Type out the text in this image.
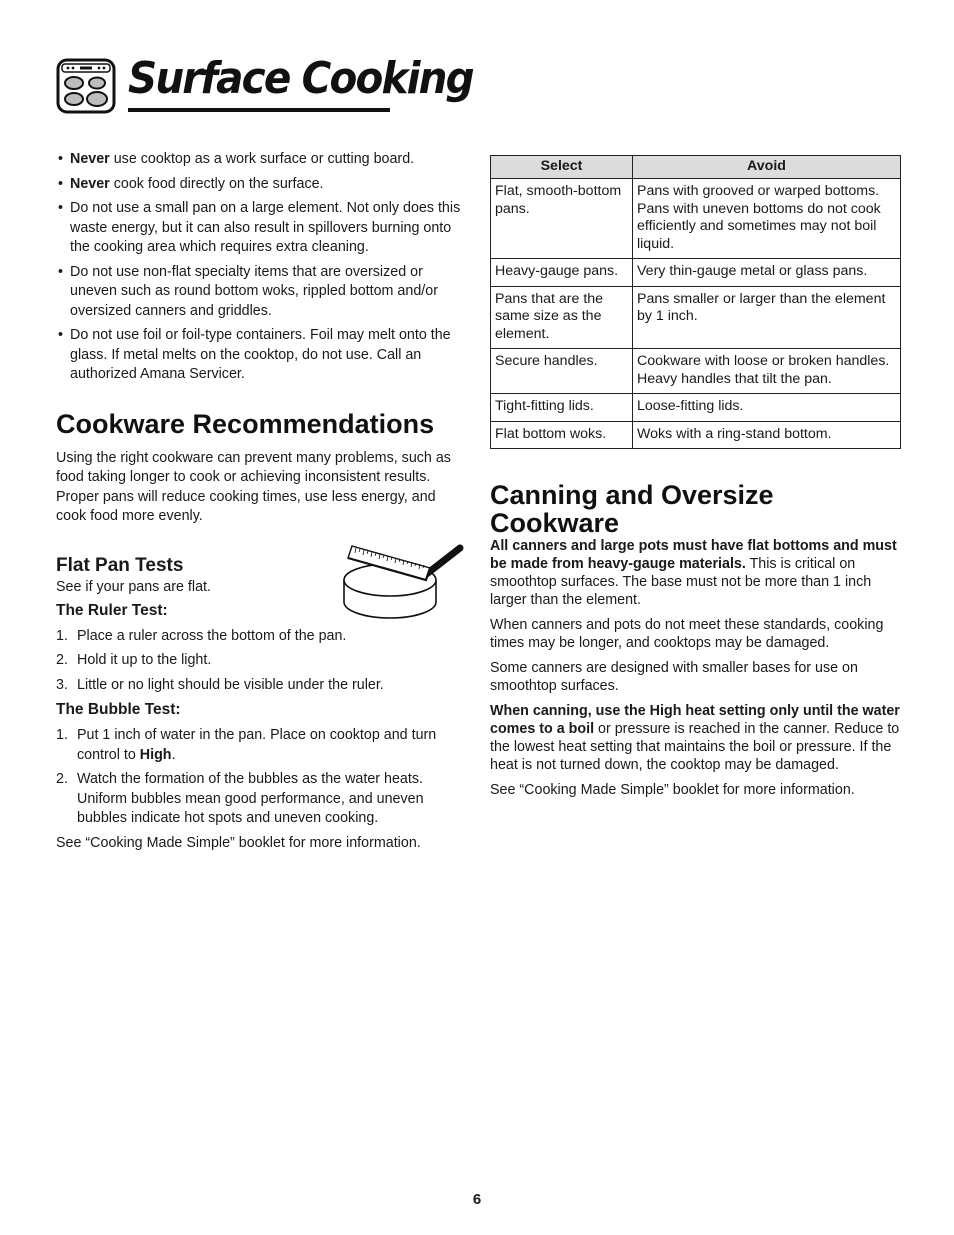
Surface Cooking
• Never use cooktop as a work surface or cutting board.
• Never cook food directly on the surface.
• Do not use a small pan on a large element. Not only does this waste energy, but it can also result in spillovers burning onto the cooking area which requires extra cleaning.
• Do not use non-flat specialty items that are oversized or uneven such as round bottom woks, rippled bottom and/or oversized canners and griddles.
• Do not use foil or foil-type containers. Foil may melt onto the glass. If metal melts on the cooktop, do not use. Call an authorized Amana Servicer.
Cookware Recommendations

Using the right cookware can prevent many problems, such as food taking longer to cook or achieving inconsistent results. Proper pans will reduce cooking times, use less energy, and cook food more evenly.

Flat Pan Tests

See if your pans are flat.

The Ruler Test:
1. Place a ruler across the bottom of the pan.
2. Hold it up to the light.
3. Little or no light should be visible under the ruler.
The Bubble Test:
1. Put 1 inch of water in the pan. Place on cooktop and turn control to High.
2. Watch the formation of the bubbles as the water heats. Uniform bubbles mean good performance, and uneven bubbles indicate hot spots and uneven cooking.

See “Cooking Made Simple” booklet for more information.

Select	Avoid
Flat, smooth-bottom pans.	Pans with grooved or warped bottoms. Pans with uneven bottoms do not cook efficiently and sometimes may not boil liquid.
Heavy-gauge pans.	Very thin-gauge metal or glass pans.
Pans that are the same size as the element.	Pans smaller or larger than the element by 1 inch.
Secure handles.	Cookware with loose or broken handles. Heavy handles that tilt the pan.
Tight-fitting lids.	Loose-fitting lids.
Flat bottom woks.	Woks with a ring-stand bottom.
Canning and Oversize Cookware

All canners and large pots must have flat bottoms and must be made from heavy-gauge materials. This is critical on smoothtop surfaces. The base must not be more than 1 inch larger than the element.

When canners and pots do not meet these standards, cooking times may be longer, and cooktops may be damaged.

Some canners are designed with smaller bases for use on smoothtop surfaces.

When canning, use the High heat setting only until the water comes to a boil or pressure is reached in the canner. Reduce to the lowest heat setting that maintains the boil or pressure. If the heat is not turned down, the cooktop may be damaged.

See “Cooking Made Simple” booklet for more information.

6
